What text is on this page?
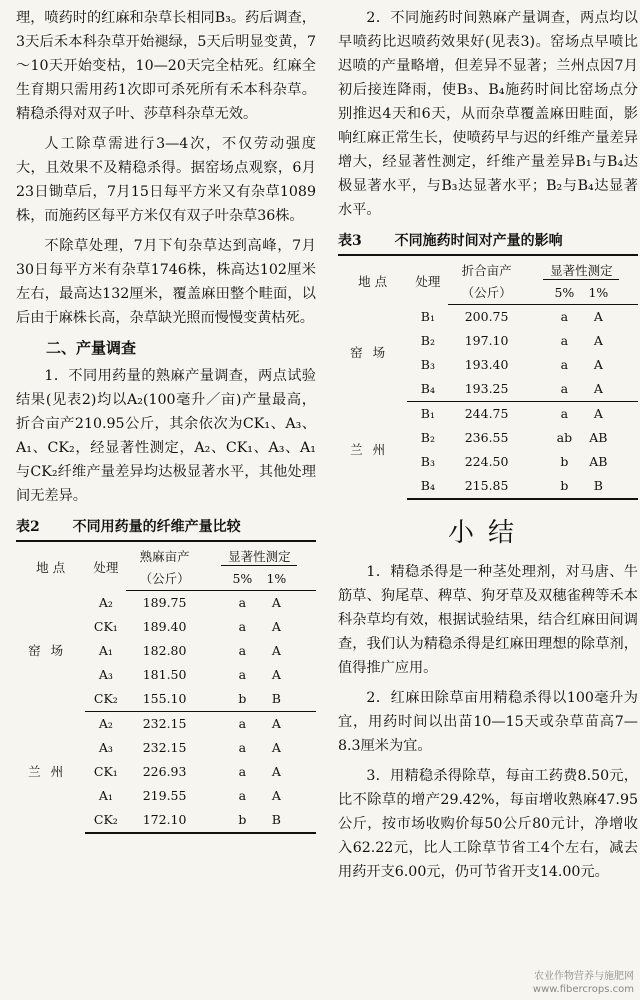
理，喷药时的红麻和杂草长相同B₃。药后调查，3天后禾本科杂草开始褪绿，5天后明显变黄，7～10天开始变枯，10—20天完全枯死。红麻全生育期只需用药1次即可杀死所有禾本科杂草。精稳杀得对双子叶、莎草科杂草无效。

人工除草需进行3—4次，不仅劳动强度大，且效果不及精稳杀得。据窑场点观察，6月23日锄草后，7月15日每平方米又有杂草1089株，而施药区每平方米仅有双子叶杂草36株。

不除草处理，7月下旬杂草达到高峰，7月30日每平方米有杂草1746株，株高达102厘米左右，最高达132厘米，覆盖麻田整个畦面，以后由于麻株长高，杂草缺光照而慢慢变黄枯死。

二、产量调查

1．不同用药量的熟麻产量调查，两点试验结果(见表2)均以A₂(100毫升／亩)产量最高，折合亩产210.95公斤，其余依次为CK₁、A₃、A₁、CK₂，经显著性测定，A₂、CK₁、A₃、A₁与CK₂纤维产量差异均达极显著水平，其他处理间无差异。

表2 不同用药量的纤维产量比较
地 点	处理	熟麻亩产	显著性测定
		（公斤）	5% 1%
窑场	A₂	189.75	a A
	CK₁	189.40	a A
	A₁	182.80	a A
	A₃	181.50	a A
	CK₂	155.10	b B
兰州	A₂	232.15	a A
	A₃	232.15	a A
	CK₁	226.93	a A
	A₁	219.55	a A
	CK₂	172.10	b B

2．不同施药时间熟麻产量调查，两点均以早喷药比迟喷药效果好(见表3)。窑场点早喷比迟喷的产量略增，但差异不显著；兰州点因7月初后接连降雨，使B₃、B₄施药时间比窑场点分别推迟4天和6天，从而杂草覆盖麻田畦面，影响红麻正常生长，使喷药早与迟的纤维产量差异增大，经显著性测定，纤维产量差异B₁与B₄达极显著水平，与B₃达显著水平；B₂与B₄达显著水平。

表3 不同施药时间对产量的影响
地 点	处理	折合亩产	显著性测定
		（公斤）	5% 1%
窑场	B₁	200.75	a A
	B₂	197.10	a A
	B₃	193.40	a A
	B₄	193.25	a A
兰州	B₁	244.75	a A
	B₂	236.55	ab AB
	B₃	224.50	b AB
	B₄	215.85	b B
小结

1．精稳杀得是一种茎处理剂，对马唐、牛筋草、狗尾草、稗草、狗牙草及双穗雀稗等禾本科杂草均有效，根据试验结果，结合红麻田间调查，我们认为精稳杀得是红麻田理想的除草剂，值得推广应用。

2．红麻田除草亩用精稳杀得以100毫升为宜，用药时间以出苗10—15天或杂草苗高7—8.3厘米为宜。

3．用精稳杀得除草，每亩工药费8.50元，比不除草的增产29.42%，每亩增收熟麻47.95公斤，按市场收购价每50公斤80元计，净增收入62.22元，比人工除草节省工4个左右，减去用药开支6.00元，仍可节省开支14.00元。

农业作物营养与施肥网
www.fibercrops.com
